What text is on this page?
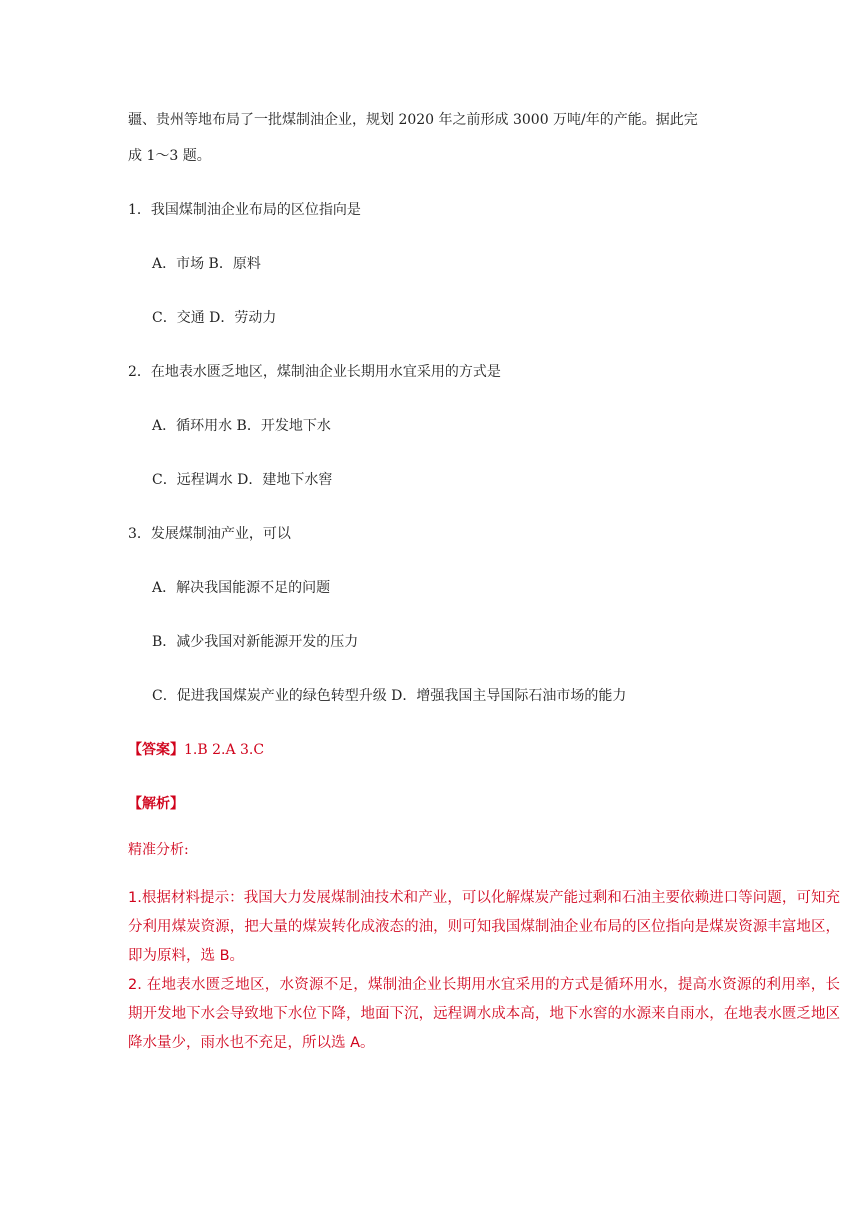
疆、贵州等地布局了一批煤制油企业，规划 2020 年之前形成 3000 万吨/年的产能。据此完
成 1～3 题。
1．我国煤制油企业布局的区位指向是
A．市场 B．原料
C．交通 D．劳动力
2．在地表水匮乏地区，煤制油企业长期用水宜采用的方式是
A．循环用水 B．开发地下水
C．远程调水 D．建地下水窖
3．发展煤制油产业，可以
A．解决我国能源不足的问题
B．减少我国对新能源开发的压力
C．促进我国煤炭产业的绿色转型升级 D．增强我国主导国际石油市场的能力
【答案】1.B 2.A 3.C
【解析】
精准分析:

1.根据材料提示：我国大力发展煤制油技术和产业，可以化解煤炭产能过剩和石油主要依赖进口等问题，可知充分利用煤炭资源，把大量的煤炭转化成液态的油，则可知我国煤制油企业布局的区位指向是煤炭资源丰富地区，即为原料，选 B。

2. 在地表水匮乏地区，水资源不足，煤制油企业长期用水宜采用的方式是循环用水，提高水资源的利用率，长期开发地下水会导致地下水位下降，地面下沉，远程调水成本高，地下水窖的水源来自雨水，在地表水匮乏地区降水量少，雨水也不充足，所以选 A。
